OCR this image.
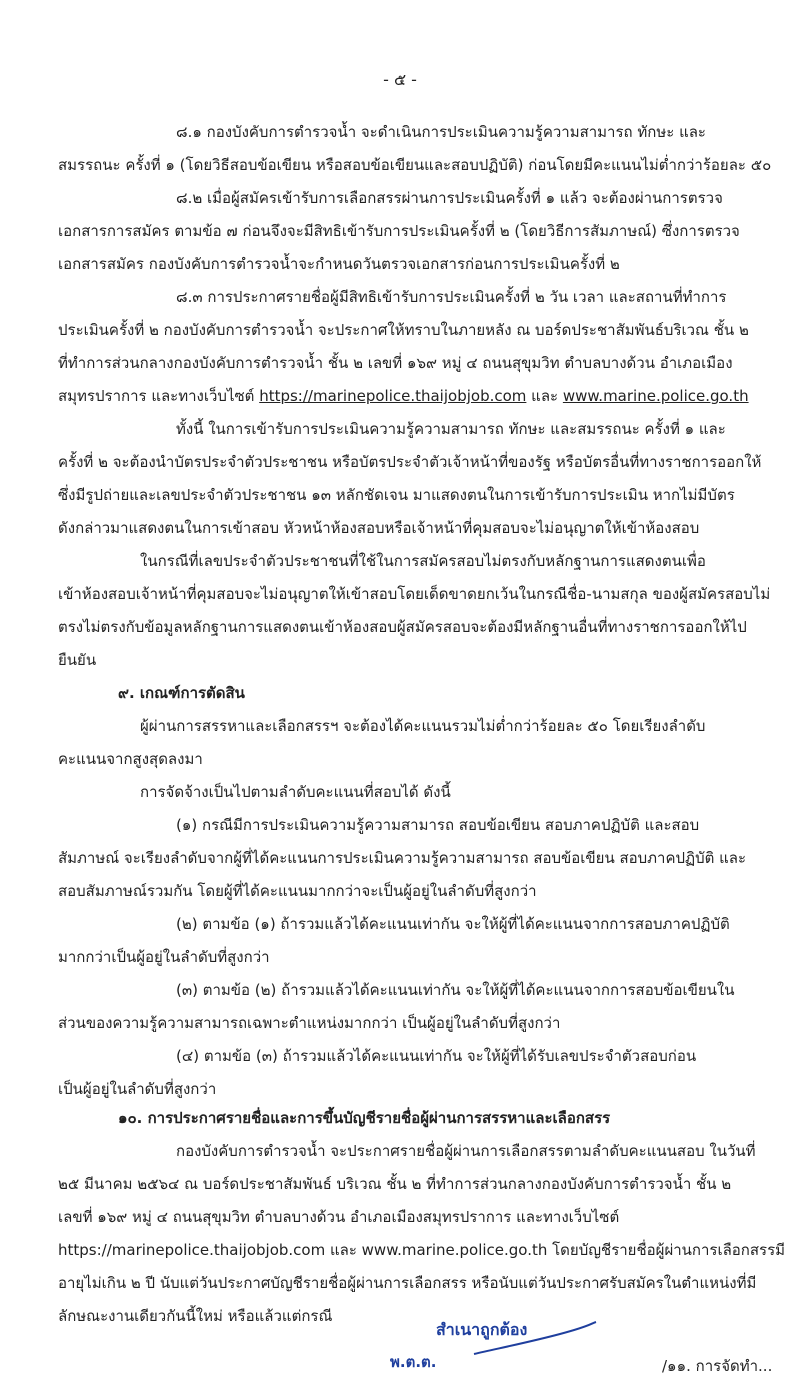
- ๕ -
๘.๑ กองบังคับการตำรวจน้ำ จะดำเนินการประเมินความรู้ความสามารถ ทักษะ และ
สมรรถนะ ครั้งที่ ๑ (โดยวิธีสอบข้อเขียน หรือสอบข้อเขียนและสอบปฏิบัติ) ก่อนโดยมีคะแนนไม่ต่ำกว่าร้อยละ ๕๐
๘.๒ เมื่อผู้สมัครเข้ารับการเลือกสรรผ่านการประเมินครั้งที่ ๑ แล้ว จะต้องผ่านการตรวจ
เอกสารการสมัคร ตามข้อ ๗ ก่อนจึงจะมีสิทธิเข้ารับการประเมินครั้งที่ ๒ (โดยวิธีการสัมภาษณ์) ซึ่งการตรวจ
เอกสารสมัคร กองบังคับการตำรวจน้ำจะกำหนดวันตรวจเอกสารก่อนการประเมินครั้งที่ ๒
๘.๓ การประกาศรายชื่อผู้มีสิทธิเข้ารับการประเมินครั้งที่ ๒ วัน เวลา และสถานที่ทำการ
ประเมินครั้งที่ ๒ กองบังคับการตำรวจน้ำ จะประกาศให้ทราบในภายหลัง ณ บอร์ดประชาสัมพันธ์บริเวณ ชั้น ๒
ที่ทำการส่วนกลางกองบังคับการตำรวจน้ำ ชั้น ๒ เลขที่ ๑๖๙ หมู่ ๔ ถนนสุขุมวิท ตำบลบางด้วน อำเภอเมือง
สมุทรปราการ และทางเว็บไซต์ https://marinepolice.thaijobjob.com และ www.marine.police.go.th
ทั้งนี้ ในการเข้ารับการประเมินความรู้ความสามารถ ทักษะ และสมรรถนะ ครั้งที่ ๑ และ
ครั้งที่ ๒ จะต้องนำบัตรประจำตัวประชาชน หรือบัตรประจำตัวเจ้าหน้าที่ของรัฐ หรือบัตรอื่นที่ทางราชการออกให้
ซึ่งมีรูปถ่ายและเลขประจำตัวประชาชน ๑๓ หลักชัดเจน มาแสดงตนในการเข้ารับการประเมิน หากไม่มีบัตร
ดังกล่าวมาแสดงตนในการเข้าสอบ หัวหน้าห้องสอบหรือเจ้าหน้าที่คุมสอบจะไม่อนุญาตให้เข้าห้องสอบ
ในกรณีที่เลขประจำตัวประชาชนที่ใช้ในการสมัครสอบไม่ตรงกับหลักฐานการแสดงตนเพื่อ
เข้าห้องสอบเจ้าหน้าที่คุมสอบจะไม่อนุญาตให้เข้าสอบโดยเด็ดขาดยกเว้นในกรณีชื่อ-นามสกุล ของผู้สมัครสอบไม่
ตรงไม่ตรงกับข้อมูลหลักฐานการแสดงตนเข้าห้องสอบผู้สมัครสอบจะต้องมีหลักฐานอื่นที่ทางราชการออกให้ไป
ยืนยัน
๙. เกณฑ์การตัดสิน
ผู้ผ่านการสรรหาและเลือกสรรฯ จะต้องได้คะแนนรวมไม่ต่ำกว่าร้อยละ ๕๐ โดยเรียงลำดับ
คะแนนจากสูงสุดลงมา
การจัดจ้างเป็นไปตามลำดับคะแนนที่สอบได้ ดังนี้
(๑) กรณีมีการประเมินความรู้ความสามารถ สอบข้อเขียน สอบภาคปฏิบัติ และสอบ
สัมภาษณ์ จะเรียงลำดับจากผู้ที่ได้คะแนนการประเมินความรู้ความสามารถ สอบข้อเขียน สอบภาคปฏิบัติ และ
สอบสัมภาษณ์รวมกัน โดยผู้ที่ได้คะแนนมากกว่าจะเป็นผู้อยู่ในลำดับที่สูงกว่า
(๒) ตามข้อ (๑) ถ้ารวมแล้วได้คะแนนเท่ากัน จะให้ผู้ที่ได้คะแนนจากการสอบภาคปฏิบัติ
มากกว่าเป็นผู้อยู่ในลำดับที่สูงกว่า
(๓) ตามข้อ (๒) ถ้ารวมแล้วได้คะแนนเท่ากัน จะให้ผู้ที่ได้คะแนนจากการสอบข้อเขียนใน
ส่วนของความรู้ความสามารถเฉพาะตำแหน่งมากกว่า เป็นผู้อยู่ในลำดับที่สูงกว่า
(๔) ตามข้อ (๓) ถ้ารวมแล้วได้คะแนนเท่ากัน จะให้ผู้ที่ได้รับเลขประจำตัวสอบก่อน
เป็นผู้อยู่ในลำดับที่สูงกว่า
๑๐. การประกาศรายชื่อและการขึ้นบัญชีรายชื่อผู้ผ่านการสรรหาและเลือกสรร
กองบังคับการตำรวจน้ำ จะประกาศรายชื่อผู้ผ่านการเลือกสรรตามลำดับคะแนนสอบ ในวันที่
๒๕ มีนาคม ๒๕๖๔ ณ บอร์ดประชาสัมพันธ์ บริเวณ ชั้น ๒ ที่ทำการส่วนกลางกองบังคับการตำรวจน้ำ ชั้น ๒
เลขที่ ๑๖๙ หมู่ ๔ ถนนสุขุมวิท ตำบลบางด้วน อำเภอเมืองสมุทรปราการ และทางเว็บไซต์
https://marinepolice.thaijobjob.com และ www.marine.police.go.th โดยบัญชีรายชื่อผู้ผ่านการเลือกสรรมี
อายุไม่เกิน ๒ ปี นับแต่วันประกาศบัญชีรายชื่อผู้ผ่านการเลือกสรร หรือนับแต่วันประกาศรับสมัครในตำแหน่งที่มี
ลักษณะงานเดียวกันนี้ใหม่ หรือแล้วแต่กรณี
สำเนาถูกต้อง
พ.ต.ต.	/๑๑. การจัดทำ...
